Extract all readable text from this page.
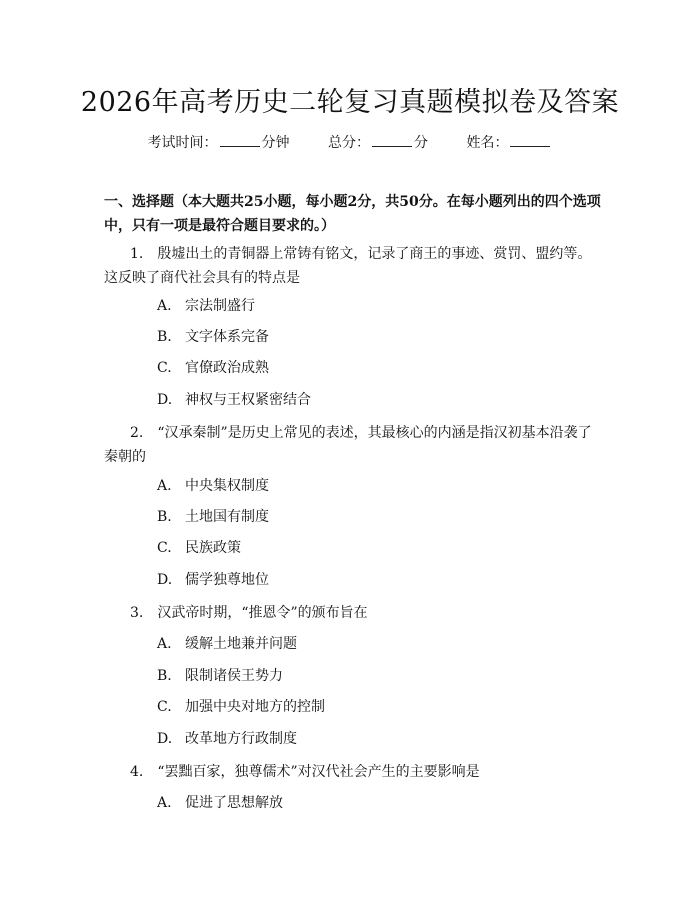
2026年高考历史二轮复习真题模拟卷及答案
考试时间：	分钟	总分：	分	姓名：
一、选择题（本大题共25小题，每小题2分，共50分。在每小题列出的四个选项中，只有一项是最符合题目要求的。）
1.　殷墟出土的青铜器上常铸有铭文，记录了商王的事迹、赏罚、盟约等。这反映了商代社会具有的特点是
A. 宗法制盛行
B. 文字体系完备
C. 官僚政治成熟
D. 神权与王权紧密结合
2.　“汉承秦制”是历史上常见的表述，其最核心的内涵是指汉初基本沿袭了秦朝的
A. 中央集权制度
B. 土地国有制度
C. 民族政策
D. 儒学独尊地位
3.　汉武帝时期，“推恩令”的颁布旨在
A. 缓解土地兼并问题
B. 限制诸侯王势力
C. 加强中央对地方的控制
D. 改革地方行政制度
4.　“罢黜百家，独尊儒术”对汉代社会产生的主要影响是
A. 促进了思想解放
